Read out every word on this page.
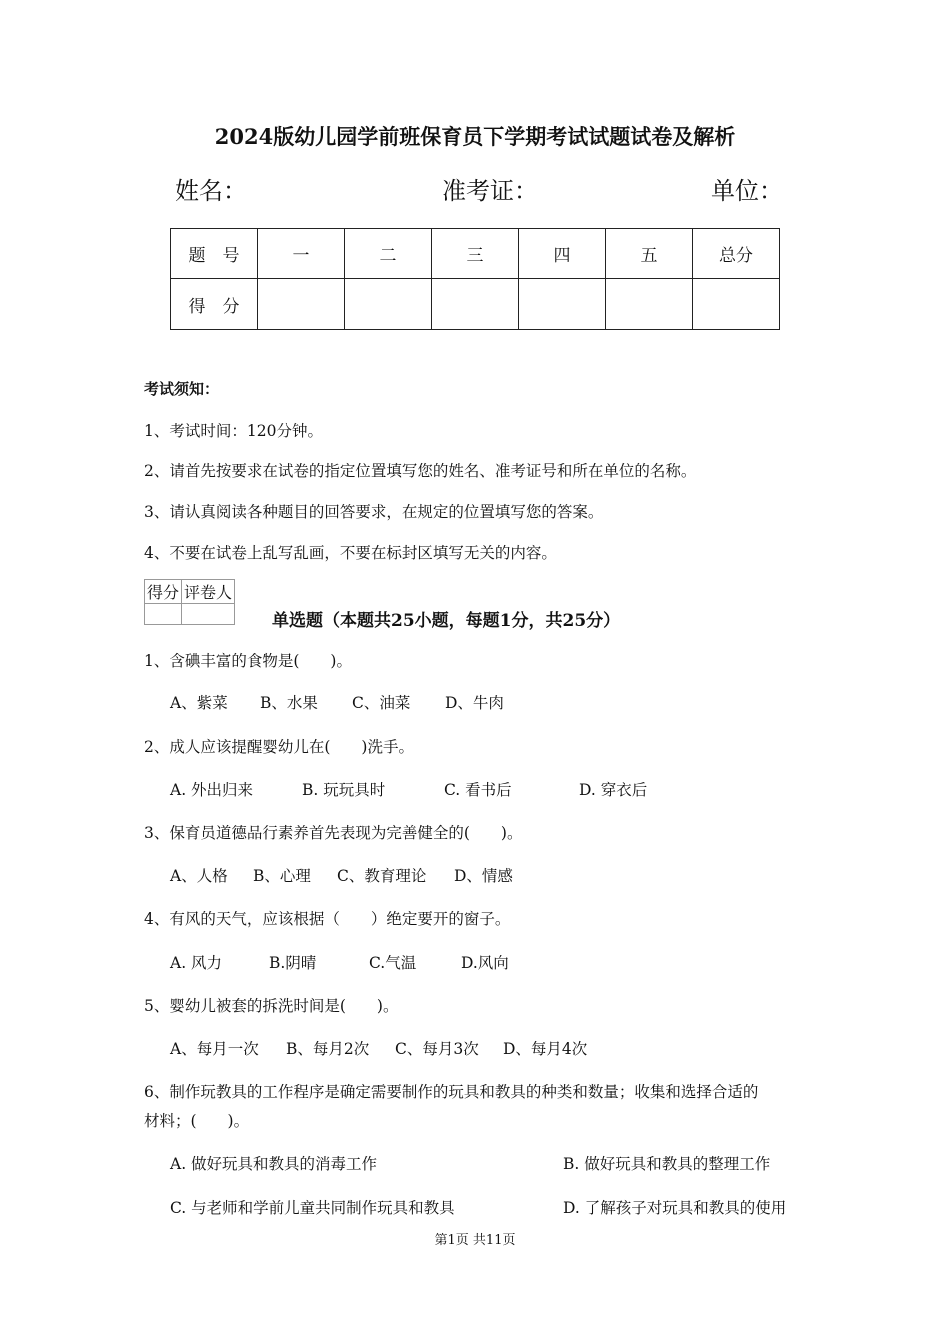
2024版幼儿园学前班保育员下学期考试试题试卷及解析
姓名：	准考证：	单位：
题　号	一	二	三	四	五	总分
得　分						
考试须知：
1、考试时间：120分钟。
2、请首先按要求在试卷的指定位置填写您的姓名、准考证号和所在单位的名称。
3、请认真阅读各种题目的回答要求，在规定的位置填写您的答案。
4、不要在试卷上乱写乱画，不要在标封区填写无关的内容。
得分	评卷人

单选题（本题共25小题，每题1分，共25分）
1、含碘丰富的食物是(　　)。
A、紫菜 B、水果 C、油菜 D、牛肉
2、成人应该提醒婴幼儿在(　　)洗手。
A. 外出归来	B. 玩玩具时	C. 看书后	D. 穿衣后
3、保育员道德品行素养首先表现为完善健全的(　　)。
A、人格 B、心理 C、教育理论 D、情感
4、有风的天气，应该根据（　　）绝定要开的窗子。
A. 风力	B.阴晴	C.气温	D.风向
5、婴幼儿被套的拆洗时间是(　　)。
A、每月一次 B、每月2次 C、每月3次 D、每月4次
6、制作玩教具的工作程序是确定需要制作的玩具和教具的种类和数量；收集和选择合适的
材料；(　　)。
A. 做好玩具和教具的消毒工作	B. 做好玩具和教具的整理工作
C. 与老师和学前儿童共同制作玩具和教具	D. 了解孩子对玩具和教具的使用
第1页 共11页
